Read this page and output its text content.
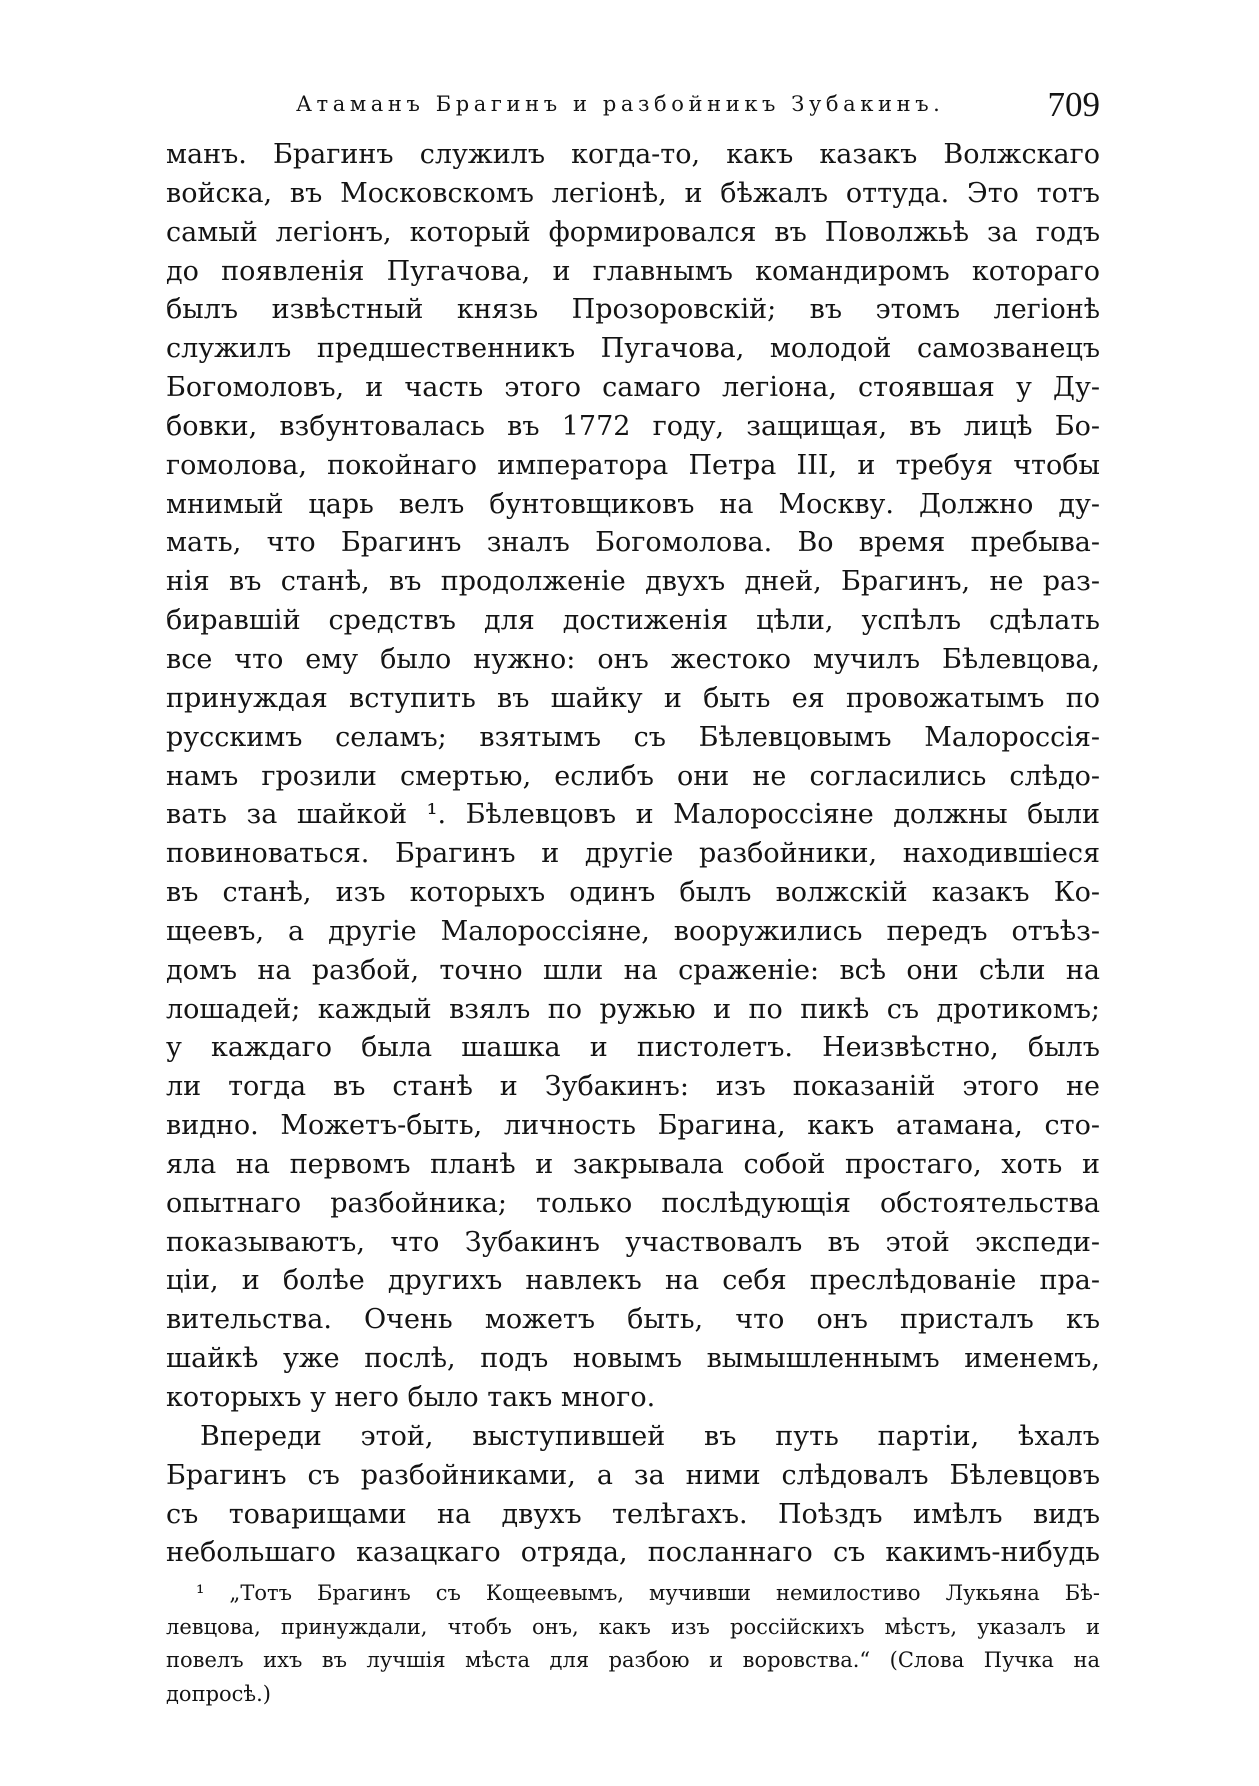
Атаманъ Брагинъ и разбойникъ Зубакинъ.	709
манъ. Брагинъ служилъ когда-то, какъ казакъ Волжскаго
войска, въ Московскомъ легіонѣ, и бѣжалъ оттуда. Это тотъ
самый легіонъ, который формировался въ Поволжьѣ за годъ
до появленія Пугачова, и главнымъ командиромъ котораго
былъ извѣстный князь Прозоровскій; въ этомъ легіонѣ
служилъ предшественникъ Пугачова, молодой самозванецъ
Богомоловъ, и часть этого самаго легіона, стоявшая у Ду-
бовки, взбунтовалась въ 1772 году, защищая, въ лицѣ Бо-
гомолова, покойнаго императора Петра III, и требуя чтобы
мнимый царь велъ бунтовщиковъ на Москву. Должно ду-
мать, что Брагинъ зналъ Богомолова. Во время пребыва-
нія въ станѣ, въ продолженіе двухъ дней, Брагинъ, не раз-
биравшій средствъ для достиженія цѣли, успѣлъ сдѣлать
все что ему было нужно: онъ жестоко мучилъ Бѣлевцова,
принуждая вступить въ шайку и быть ея провожатымъ по
русскимъ селамъ; взятымъ съ Бѣлевцовымъ Малороссія-
намъ грозили смертью, еслибъ они не согласились слѣдо-
вать за шайкой ¹. Бѣлевцовъ и Малороссіяне должны были
повиноваться. Брагинъ и другіе разбойники, находившіеся
въ станѣ, изъ которыхъ одинъ былъ волжскій казакъ Ко-
щеевъ, а другіе Малороссіяне, вооружились передъ отъѣз-
домъ на разбой, точно шли на сраженіе: всѣ они сѣли на
лошадей; каждый взялъ по ружью и по пикѣ съ дротикомъ;
у каждаго была шашка и пистолетъ. Неизвѣстно, былъ
ли тогда въ станѣ и Зубакинъ: изъ показаній этого не
видно. Можетъ-быть, личность Брагина, какъ атамана, сто-
яла на первомъ планѣ и закрывала собой простаго, хоть и
опытнаго разбойника; только послѣдующія обстоятельства
показываютъ, что Зубакинъ участвовалъ въ этой экспеди-
ціи, и болѣе другихъ навлекъ на себя преслѣдованіе пра-
вительства. Очень можетъ быть, что онъ присталъ къ
шайкѣ уже послѣ, подъ новымъ вымышленнымъ именемъ,
которыхъ у него было такъ много.
Впереди этой, выступившей въ путь партіи, ѣхалъ
Брагинъ съ разбойниками, а за ними слѣдовалъ Бѣлевцовъ
съ товарищами на двухъ телѣгахъ. Поѣздъ имѣлъ видъ
небольшаго казацкаго отряда, посланнаго съ какимъ-нибудь
¹ „Тотъ Брагинъ съ Кощеевымъ, мучивши немилостиво Лукьяна Бѣ-
левцова, принуждали, чтобъ онъ, какъ изъ россійскихъ мѣстъ, указалъ и
повелъ ихъ въ лучшія мѣста для разбою и воровства.“ (Слова Пучка на
допросѣ.)
